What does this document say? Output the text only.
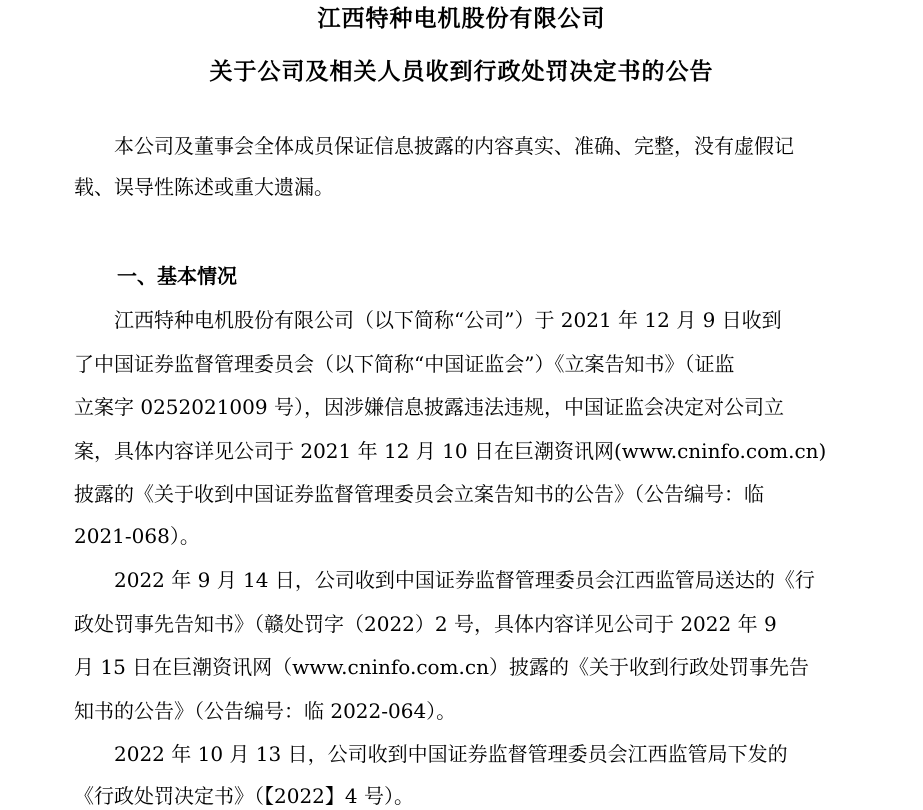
江西特种电机股份有限公司
关于公司及相关人员收到行政处罚决定书的公告
本公司及董事会全体成员保证信息披露的内容真实、准确、完整，没有虚假记
载、误导性陈述或重大遗漏。
一、基本情况
江西特种电机股份有限公司（以下简称“公司”）于 2021 年 12 月 9 日收到
了中国证券监督管理委员会（以下简称“中国证监会”）《立案告知书》（证监
立案字 0252021009 号），因涉嫌信息披露违法违规，中国证监会决定对公司立
案，具体内容详见公司于 2021 年 12 月 10 日在巨潮资讯网(www.cninfo.com.cn)
披露的《关于收到中国证券监督管理委员会立案告知书的公告》（公告编号：临
2021-068）。
2022 年 9 月 14 日，公司收到中国证券监督管理委员会江西监管局送达的《行
政处罚事先告知书》（赣处罚字（2022）2 号，具体内容详见公司于 2022 年 9
月 15 日在巨潮资讯网（www.cninfo.com.cn）披露的《关于收到行政处罚事先告
知书的公告》（公告编号：临 2022-064）。
2022 年 10 月 13 日，公司收到中国证券监督管理委员会江西监管局下发的
《行政处罚决定书》（【2022】4 号）。
